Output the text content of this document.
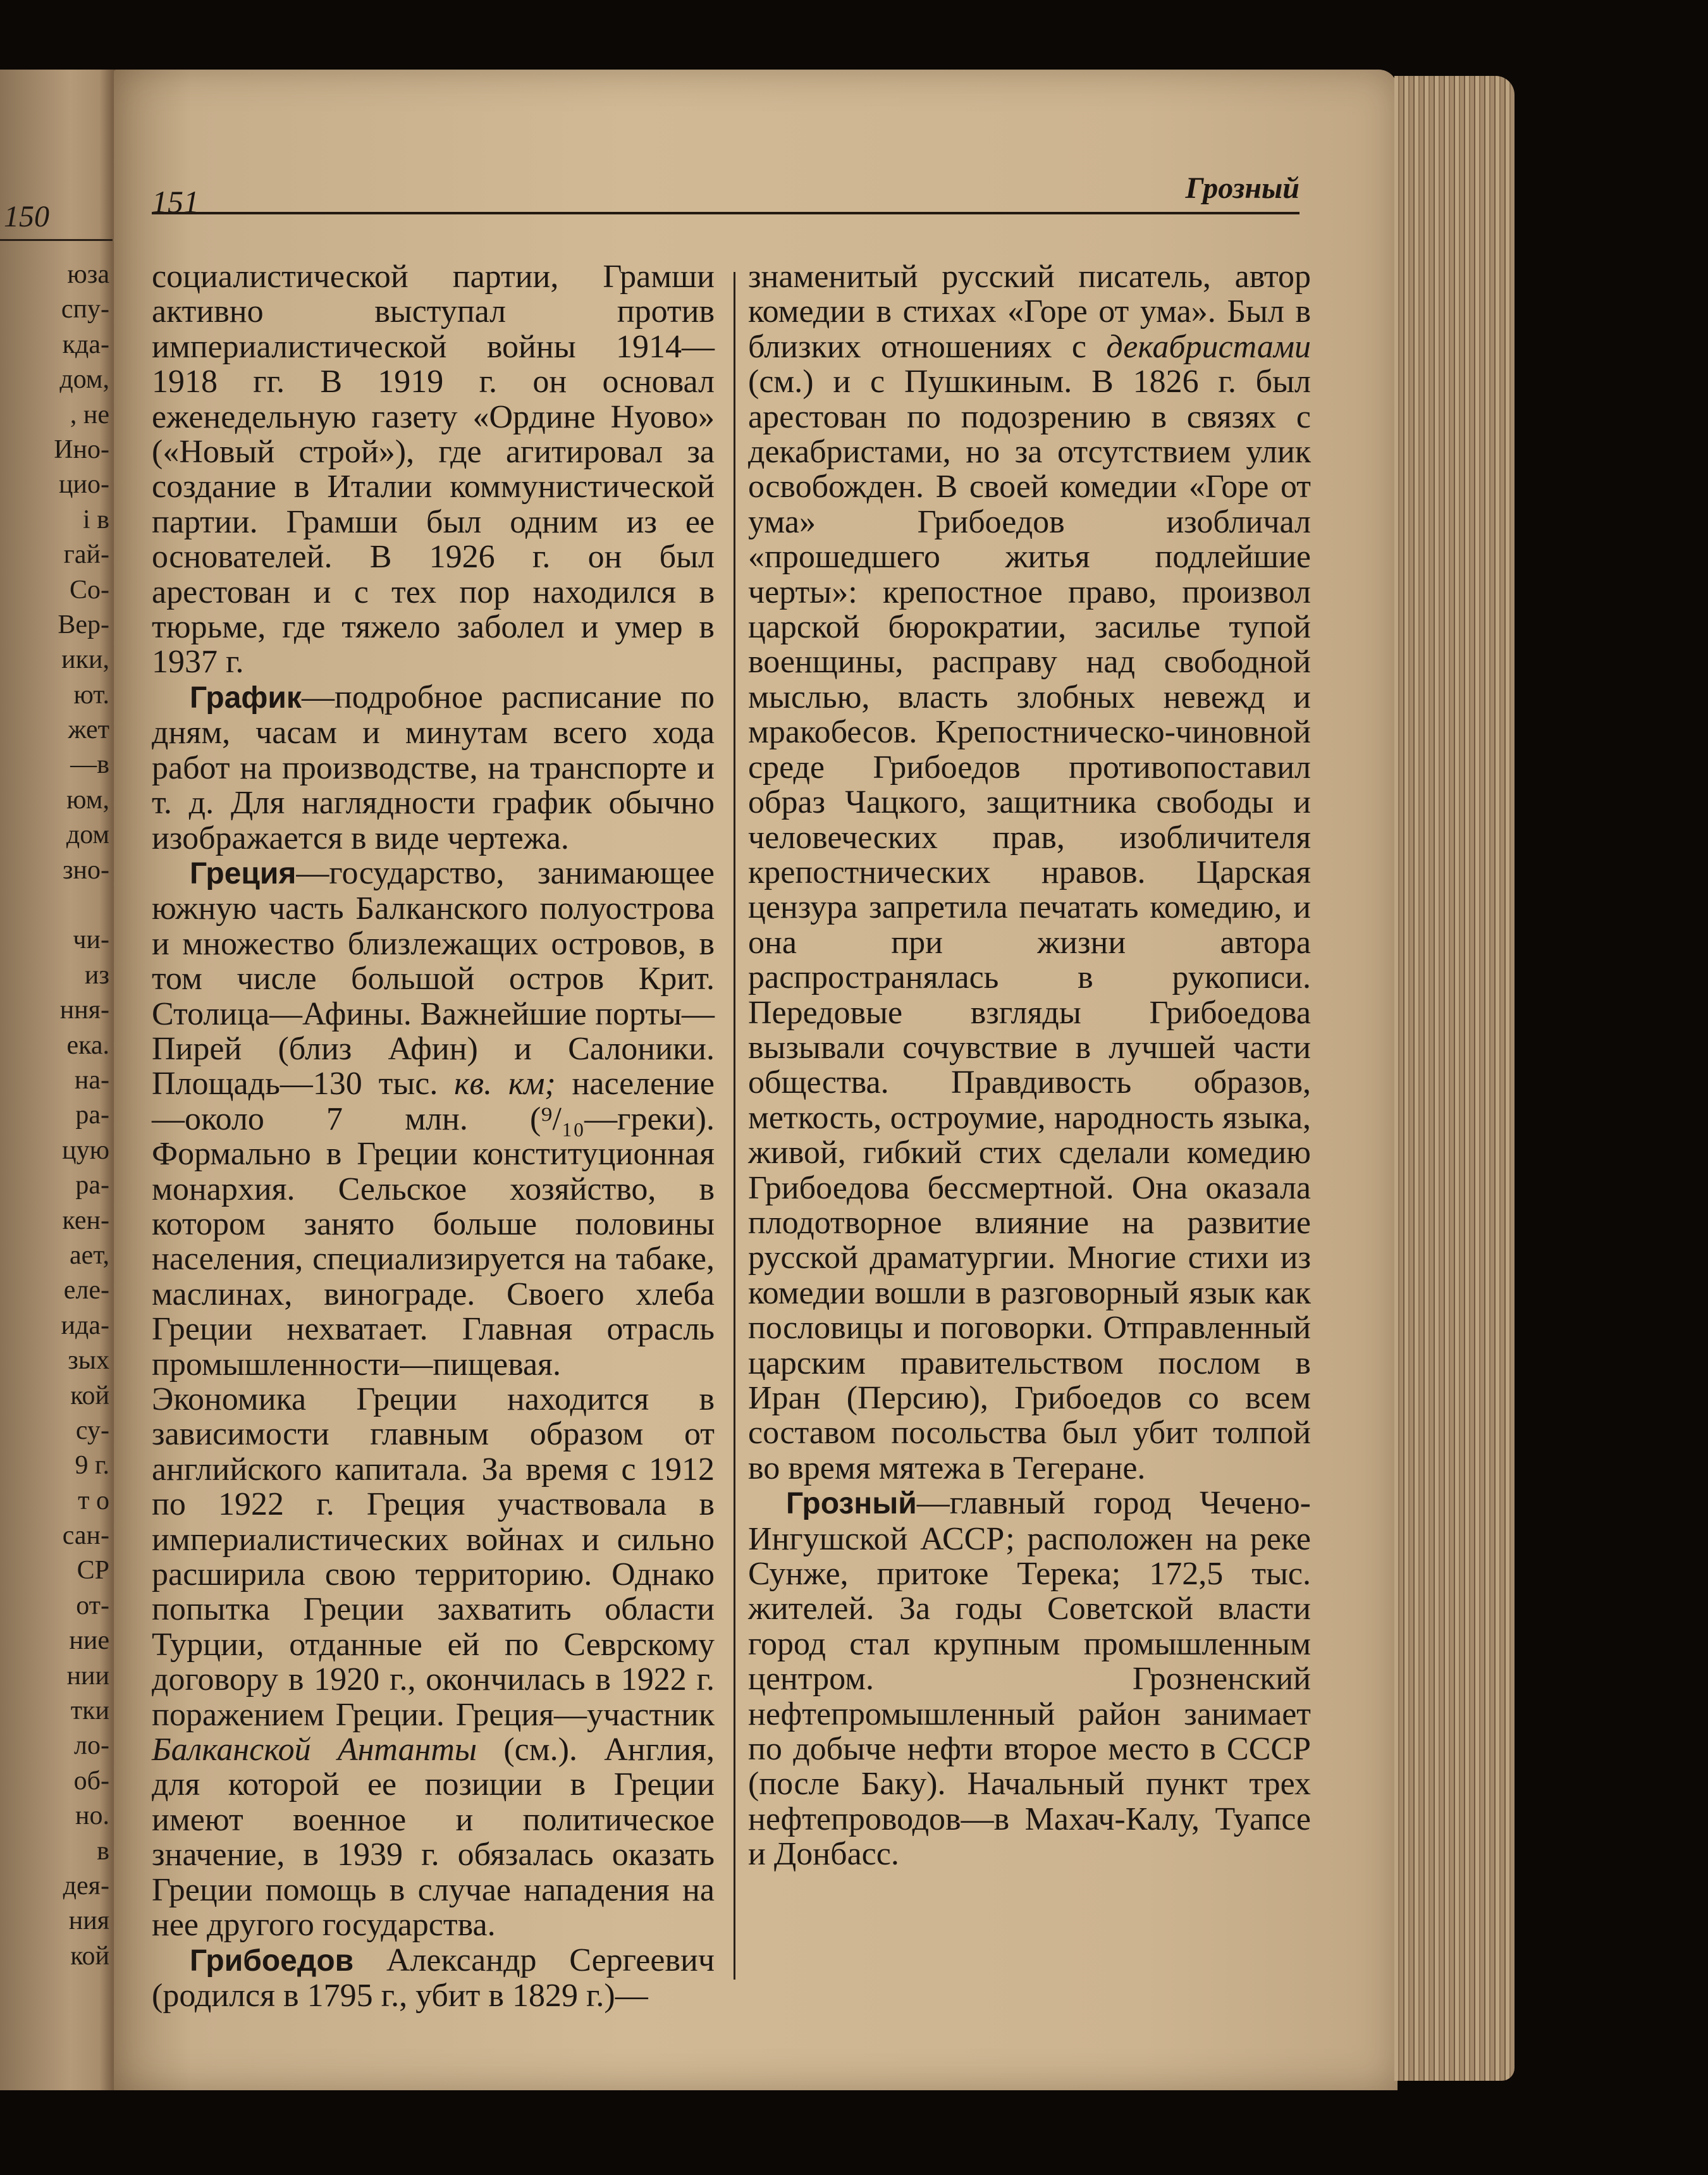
150
юза
спу-
кда-
дом,
, не
Ино-
цио-
і в
гай-
Со-
Вер-
ики,
ют.
жет
—в
юм,
дом
зно-
чи-
из
ння-
ека.
на-
ра-
цую
ра-
кен-
ает,
еле-
ида-
зых
кой
су-
9 г.
т о
сан-
СР
от-
ние
нии
тки
ло-
об-
но.
в
дея-
ния
кой
151	Грозный

социалистической партии, Грамши активно выступал против империалистической войны 1914—1918 гг. В 1919 г. он основал еженедельную газету «Ордине Нуово» («Новый строй»), где агитировал за создание в Италии коммунистической партии. Грамши был одним из ее основателей. В 1926 г. он был арестован и с тех пор находился в тюрьме, где тяжело заболел и умер в 1937 г.

График—подробное расписание по дням, часам и минутам всего хода работ на производстве, на транспорте и т. д. Для наглядности график обычно изображается в виде чертежа.

Греция—государство, занимающее южную часть Балканского полуострова и множество близлежащих островов, в том числе большой остров Крит. Столица—Афины. Важнейшие порты—Пирей (близ Афин) и Салоники. Площадь—130 тыс. кв. км; население—около 7 млн. (⁹/₁₀—греки). Формально в Греции конституционная монархия. Сельское хозяйство, в котором занято больше половины населения, специализируется на табаке, маслинах, винограде. Своего хлеба Греции нехватает. Главная отрасль промышленности—пищевая. Экономика Греции находится в зависимости главным образом от английского капитала. За время с 1912 по 1922 г. Греция участвовала в империалистических войнах и сильно расширила свою территорию. Однако попытка Греции захватить области Турции, отданные ей по Севрскому договору в 1920 г., окончилась в 1922 г. поражением Греции. Греция—участник Балканской Антанты (см.). Англия, для которой ее позиции в Греции имеют военное и политическое значение, в 1939 г. обязалась оказать Греции помощь в случае нападения на нее другого государства.

Грибоедов Александр Сергеевич (родился в 1795 г., убит в 1829 г.)—

знаменитый русский писатель, автор комедии в стихах «Горе от ума». Был в близких отношениях с декабристами (см.) и с Пушкиным. В 1826 г. был арестован по подозрению в связях с декабристами, но за отсутствием улик освобожден. В своей комедии «Горе от ума» Грибоедов изобличал «прошедшего житья подлейшие черты»: крепостное право, произвол царской бюрократии, засилье тупой военщины, расправу над свободной мыслью, власть злобных невежд и мракобесов. Крепостническо-чиновной среде Грибоедов противопоставил образ Чацкого, защитника свободы и человеческих прав, изобличителя крепостнических нравов. Царская цензура запретила печатать комедию, и она при жизни автора распространялась в рукописи. Передовые взгляды Грибоедова вызывали сочувствие в лучшей части общества. Правдивость образов, меткость, остроумие, народность языка, живой, гибкий стих сделали комедию Грибоедова бессмертной. Она оказала плодотворное влияние на развитие русской драматургии. Многие стихи из комедии вошли в разговорный язык как пословицы и поговорки. Отправленный царским правительством послом в Иран (Персию), Грибоедов со всем составом посольства был убит толпой во время мятежа в Тегеране.

Грозный—главный город Чечено-Ингушской АССР; расположен на реке Сунже, притоке Терека; 172,5 тыс. жителей. За годы Советской власти город стал крупным промышленным центром. Грозненский нефтепромышленный район занимает по добыче нефти второе место в СССР (после Баку). Начальный пункт трех нефтепроводов—в Махач-Калу, Туапсе и Донбасс.
